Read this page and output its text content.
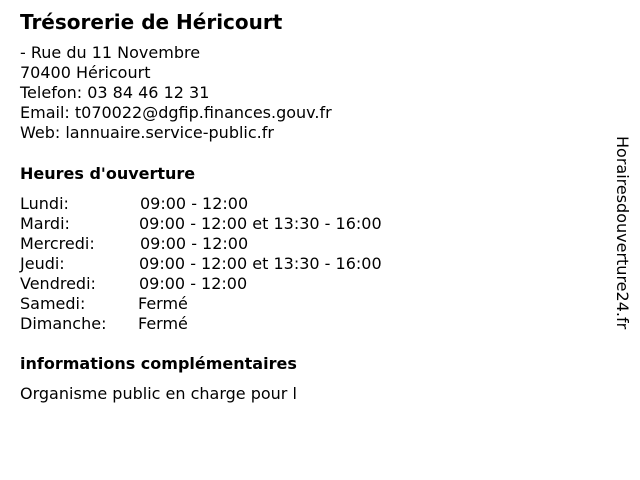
Trésorerie de Héricourt
- Rue du 11 Novembre
70400 Héricourt
Telefon: 03 84 46 12 31
Email: t070022@dgfip.finances.gouv.fr
Web: lannuaire.service-public.fr
Heures d'ouverture
Lundi:	09:00 - 12:00
Mardi:	09:00 - 12:00 et 13:30 - 16:00
Mercredi:	09:00 - 12:00
Jeudi:	09:00 - 12:00 et 13:30 - 16:00
Vendredi:	09:00 - 12:00
Samedi:	Fermé
Dimanche: Fermé
informations complémentaires
Organisme public en charge pour l
Horairesdouverture24.fr
